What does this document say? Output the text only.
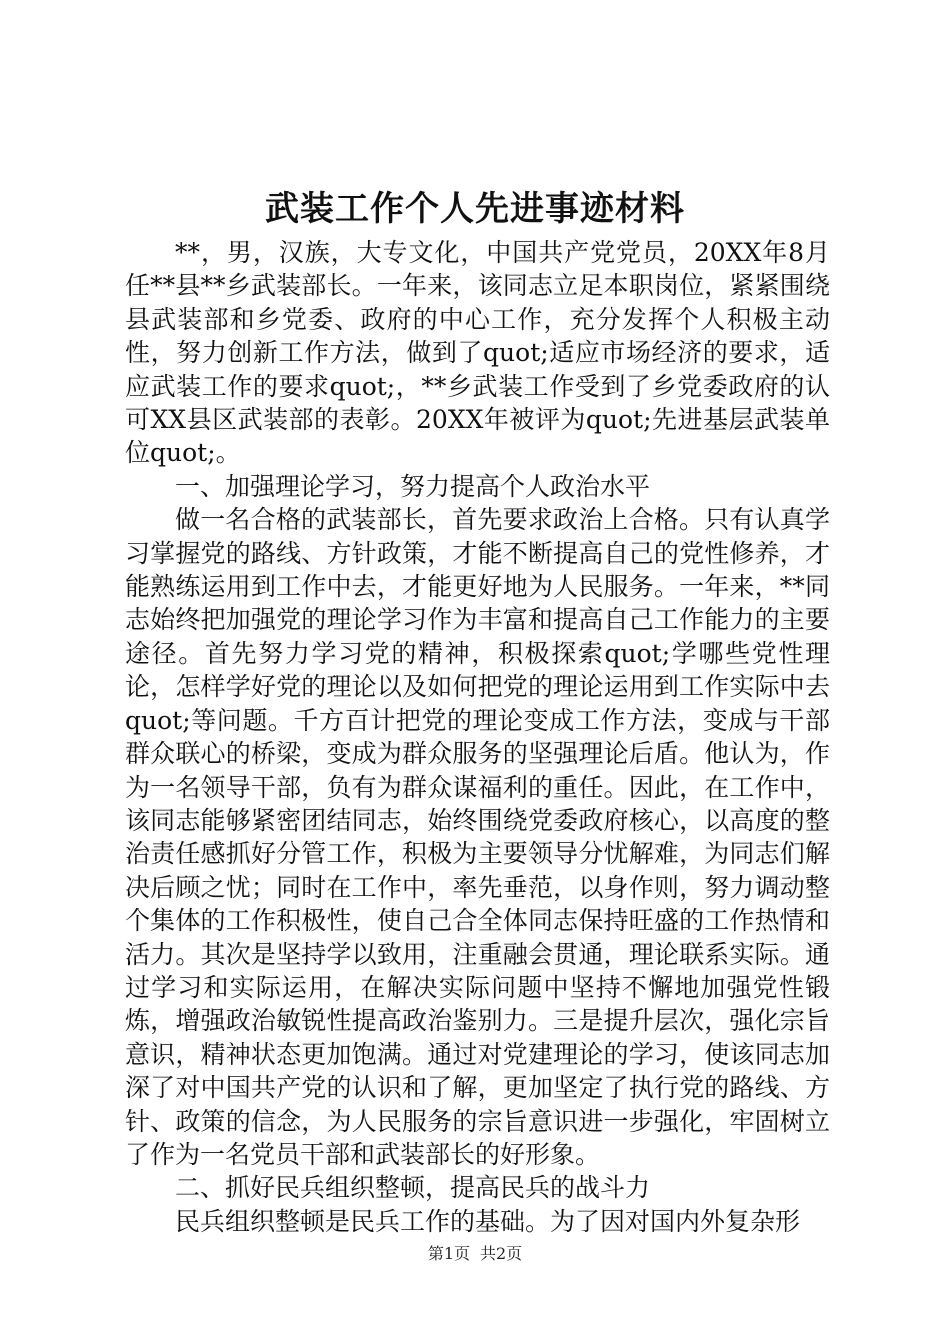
武装工作个人先进事迹材料

**，男，汉族，大专文化，中国共产党党员，20XX年8月任**县**乡武装部长。一年来，该同志立足本职岗位，紧紧围绕县武装部和乡党委、政府的中心工作，充分发挥个人积极主动性，努力创新工作方法，做到了quot;适应市场经济的要求，适应武装工作的要求quot;，**乡武装工作受到了乡党委政府的认可XX县区武装部的表彰。20XX年被评为quot;先进基层武装单位quot;。

一、加强理论学习，努力提高个人政治水平

做一名合格的武装部长，首先要求政治上合格。只有认真学习掌握党的路线、方针政策，才能不断提高自己的党性修养，才能熟练运用到工作中去，才能更好地为人民服务。一年来，**同志始终把加强党的理论学习作为丰富和提高自己工作能力的主要途径。首先努力学习党的精神，积极探索quot;学哪些党性理论，怎样学好党的理论以及如何把党的理论运用到工作实际中去quot;等问题。千方百计把党的理论变成工作方法，变成与干部群众联心的桥梁，变成为群众服务的坚强理论后盾。他认为，作为一名领导干部，负有为群众谋福利的重任。因此，在工作中，该同志能够紧密团结同志，始终围绕党委政府核心，以高度的整治责任感抓好分管工作，积极为主要领导分忧解难，为同志们解决后顾之忧；同时在工作中，率先垂范，以身作则，努力调动整个集体的工作积极性，使自己合全体同志保持旺盛的工作热情和活力。其次是坚持学以致用，注重融会贯通，理论联系实际。通过学习和实际运用，在解决实际问题中坚持不懈地加强党性锻炼，增强政治敏锐性提高政治鉴别力。三是提升层次，强化宗旨意识，精神状态更加饱满。通过对党建理论的学习，使该同志加深了对中国共产党的认识和了解，更加坚定了执行党的路线、方针、政策的信念，为人民服务的宗旨意识进一步强化，牢固树立了作为一名党员干部和武装部长的好形象。

二、抓好民兵组织整顿，提高民兵的战斗力

民兵组织整顿是民兵工作的基础。为了因对国内外复杂形

第1页 共2页
